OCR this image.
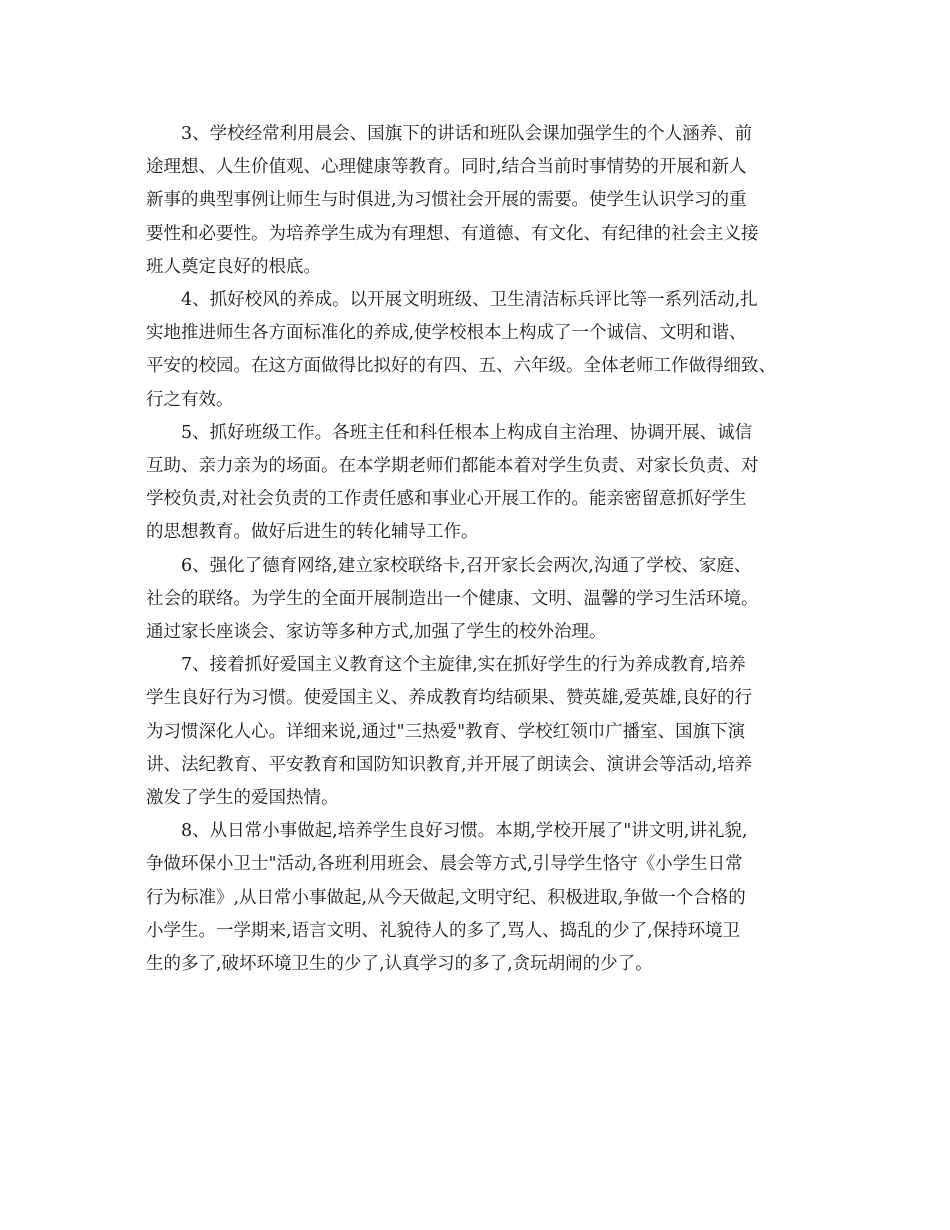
3、学校经常利用晨会、国旗下的讲话和班队会课加强学生的个人涵养、前
途理想、人生价值观、心理健康等教育。同时,结合当前时事情势的开展和新人
新事的典型事例让师生与时俱进,为习惯社会开展的需要。使学生认识学习的重
要性和必要性。为培养学生成为有理想、有道德、有文化、有纪律的社会主义接
班人奠定良好的根底。
4、抓好校风的养成。以开展文明班级、卫生清洁标兵评比等一系列活动,扎
实地推进师生各方面标准化的养成,使学校根本上构成了一个诚信、文明和谐、
平安的校园。在这方面做得比拟好的有四、五、六年级。全体老师工作做得细致、
行之有效。
5、抓好班级工作。各班主任和科任根本上构成自主治理、协调开展、诚信
互助、亲力亲为的场面。在本学期老师们都能本着对学生负责、对家长负责、对
学校负责,对社会负责的工作责任感和事业心开展工作的。能亲密留意抓好学生
的思想教育。做好后进生的转化辅导工作。
6、强化了德育网络,建立家校联络卡,召开家长会两次,沟通了学校、家庭、
社会的联络。为学生的全面开展制造出一个健康、文明、温馨的学习生活环境。
通过家长座谈会、家访等多种方式,加强了学生的校外治理。
7、接着抓好爱国主义教育这个主旋律,实在抓好学生的行为养成教育,培养
学生良好行为习惯。使爱国主义、养成教育均结硕果、赞英雄,爱英雄,良好的行
为习惯深化人心。详细来说,通过"三热爱"教育、学校红领巾广播室、国旗下演
讲、法纪教育、平安教育和国防知识教育,并开展了朗读会、演讲会等活动,培养
激发了学生的爱国热情。
8、从日常小事做起,培养学生良好习惯。本期,学校开展了"讲文明,讲礼貌,
争做环保小卫士"活动,各班利用班会、晨会等方式,引导学生恪守《小学生日常
行为标准》,从日常小事做起,从今天做起,文明守纪、积极进取,争做一个合格的
小学生。一学期来,语言文明、礼貌待人的多了,骂人、捣乱的少了,保持环境卫
生的多了,破坏环境卫生的少了,认真学习的多了,贪玩胡闹的少了。
